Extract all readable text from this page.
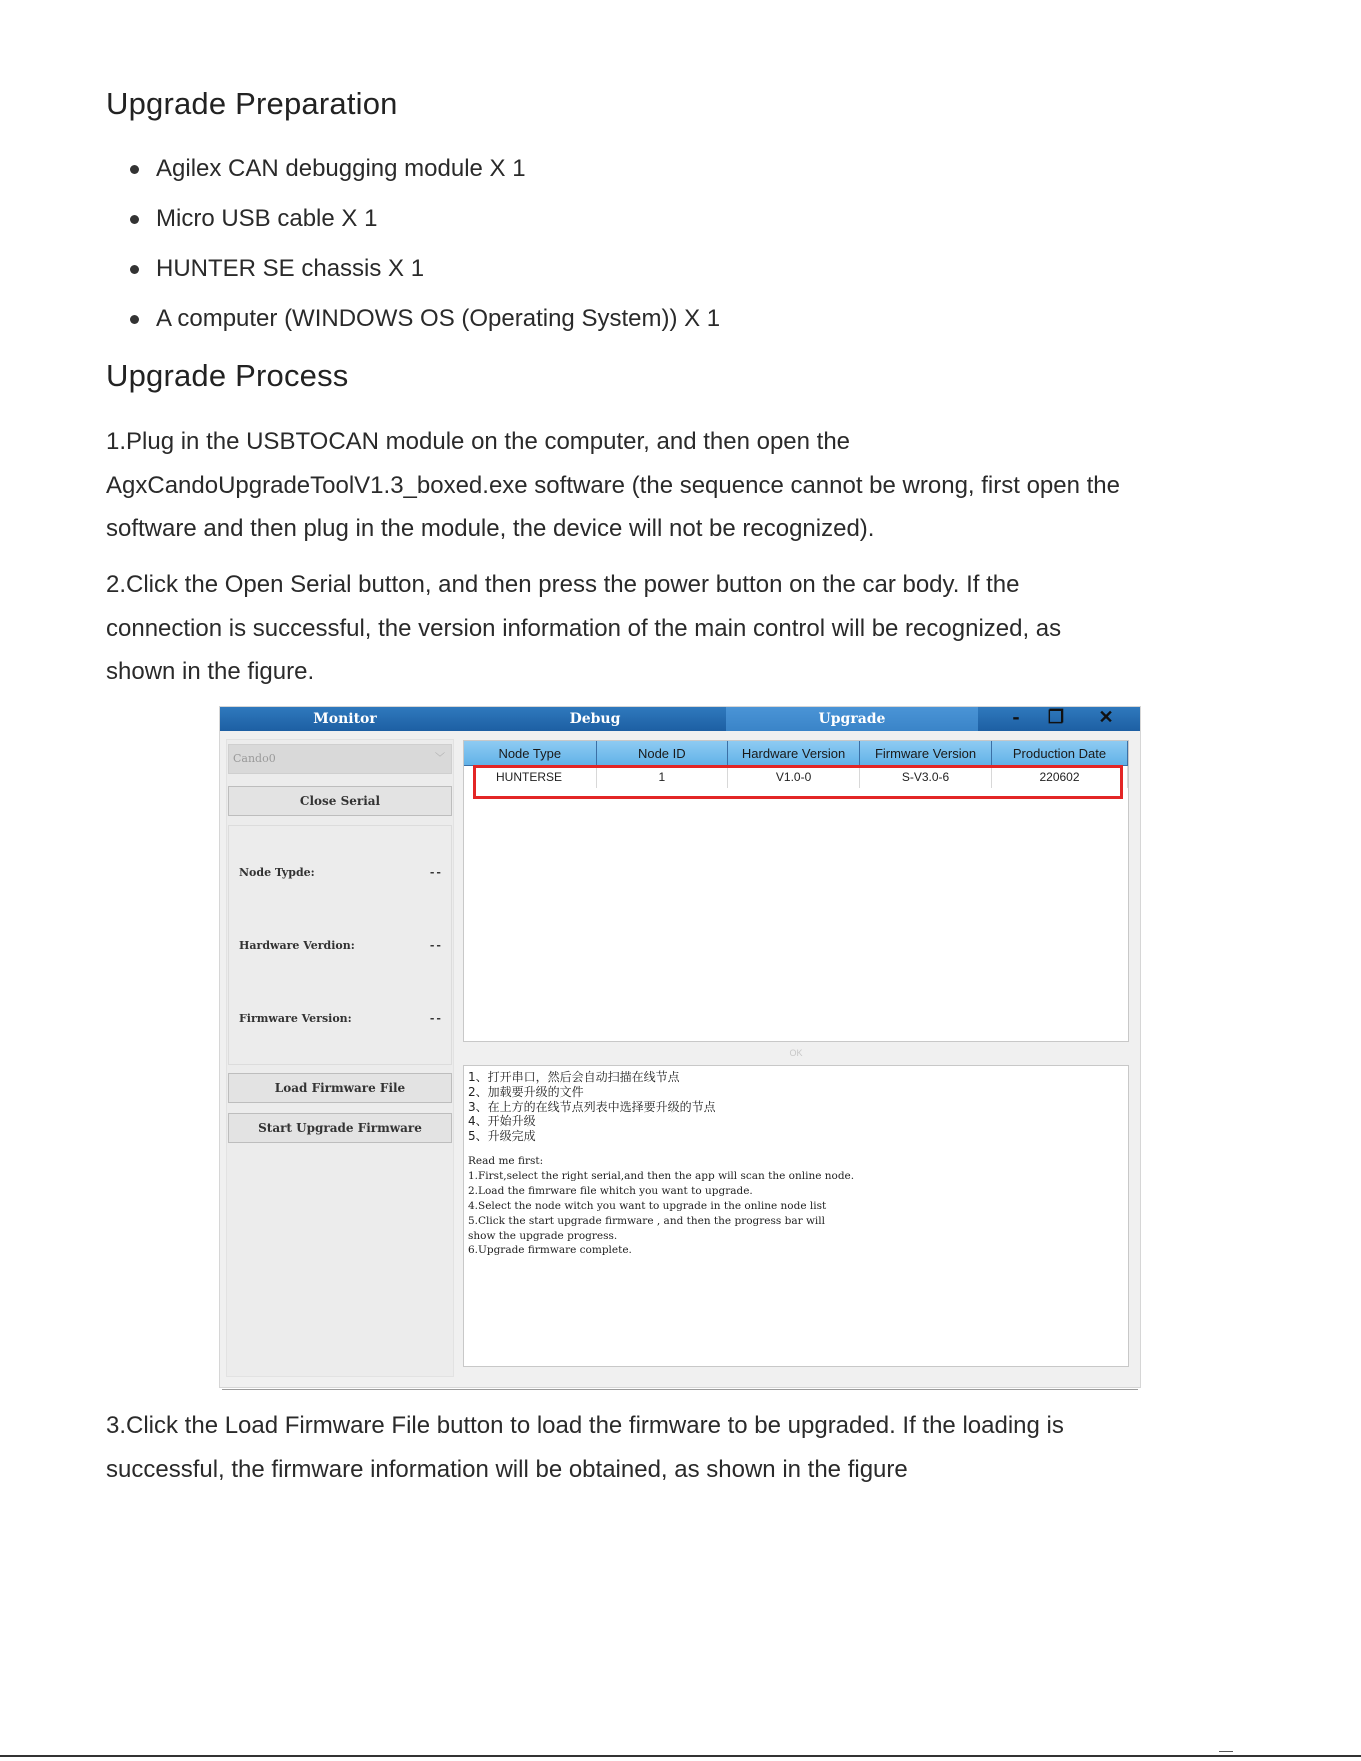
Upgrade Preparation
Agilex CAN debugging module X 1
Micro USB cable X 1
HUNTER SE chassis X 1
A computer (WINDOWS OS (Operating System)) X 1
Upgrade Process
1.Plug in the USBTOCAN module on the computer, and then open the
AgxCandoUpgradeToolV1.3_boxed.exe software (the sequence cannot be wrong, first open the
software and then plug in the module, the device will not be recognized).
2.Click the Open Serial button, and then press the power button on the car body. If the
connection is successful, the version information of the main control will be recognized, as
shown in the figure.
3.Click the Load Firmware File button to load the firmware to be upgraded. If the loading is
successful, the firmware information will be obtained, as shown in the figure
Monitor	Debug	Upgrade	-	❐	✕
Cando0	﹀
Close Serial
Node Typde:	--
Hardware Verdion:	--
Firmware Version:	--
Load Firmware File
Start Upgrade Firmware
Node Type	Node ID	Hardware Version	Firmware Version	Production Date
HUNTERSE	1	V1.0-0	S-V3.0-6	220602
OK
1、打开串口，然后会自动扫描在线节点
2、加载要升级的文件
3、在上方的在线节点列表中选择要升级的节点
4、开始升级
5、升级完成
Read me first:
1.First,select the right serial,and then the app will scan the online node.
2.Load the fimrware file whitch you want to upgrade.
4.Select the node witch you want to upgrade in the online node list
5.Click the start upgrade firmware , and then the progress bar will
show the upgrade progress.
6.Upgrade firmware complete.
